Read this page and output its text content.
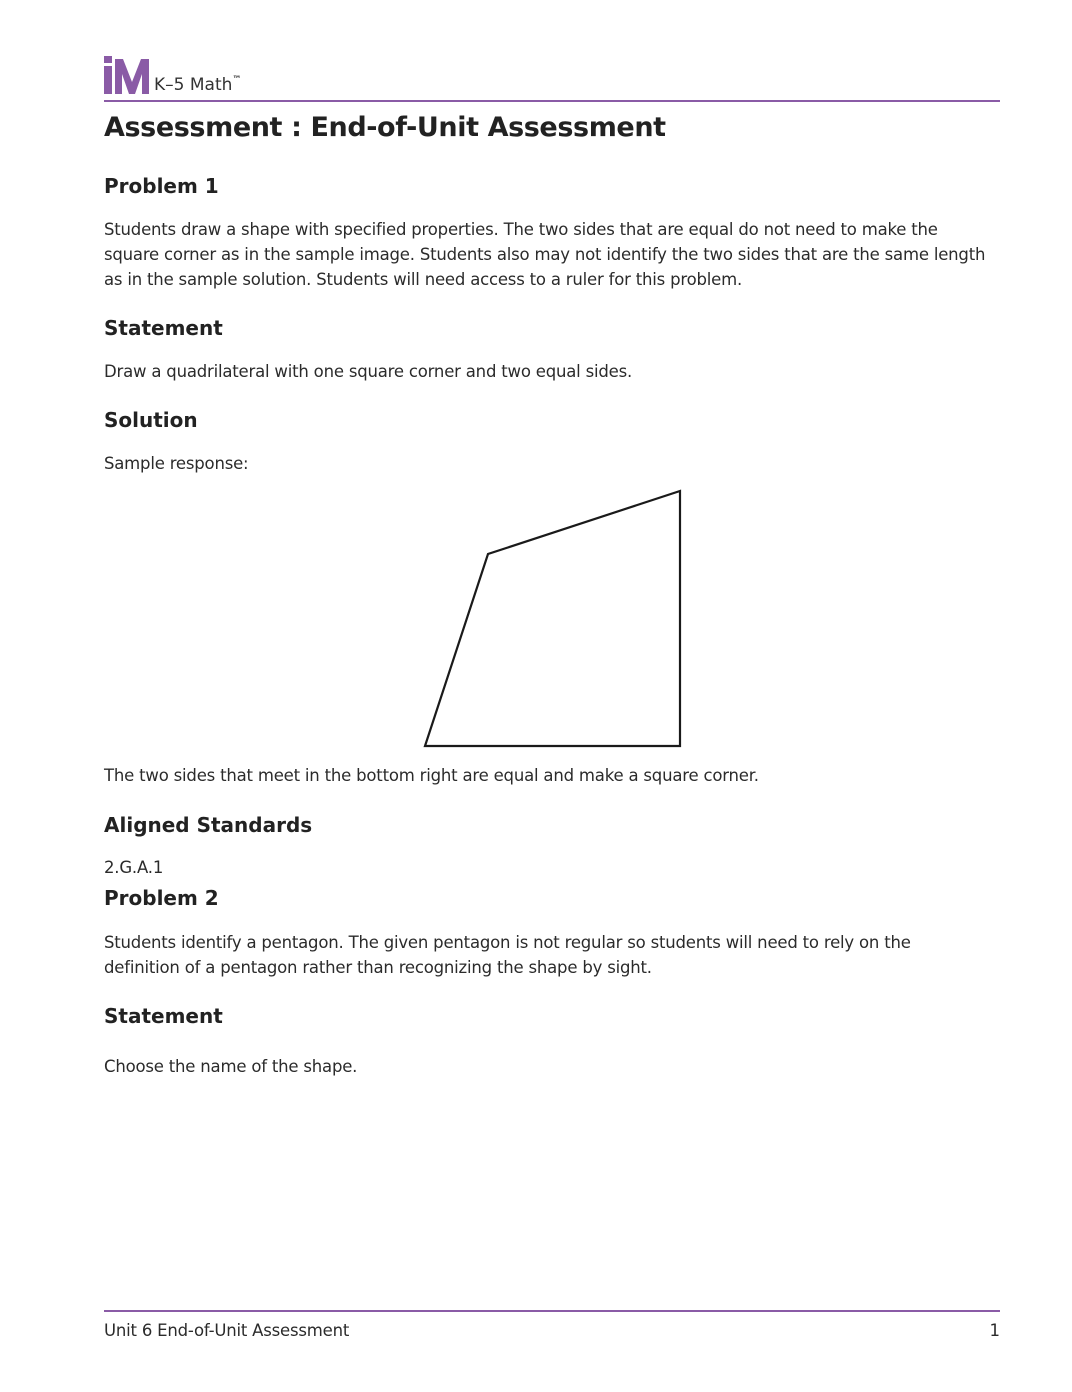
K–5 Math™
Assessment : End-of-Unit Assessment
Problem 1
Students draw a shape with specified properties. The two sides that are equal do not need to make the
square corner as in the sample image. Students also may not identify the two sides that are the same length
as in the sample solution. Students will need access to a ruler for this problem.
Statement
Draw a quadrilateral with one square corner and two equal sides.
Solution
Sample response:
The two sides that meet in the bottom right are equal and make a square corner.
Aligned Standards
2.G.A.1
Problem 2
Students identify a pentagon. The given pentagon is not regular so students will need to rely on the
definition of a pentagon rather than recognizing the shape by sight.
Statement
Choose the name of the shape.
Unit 6 End-of-Unit Assessment	1
